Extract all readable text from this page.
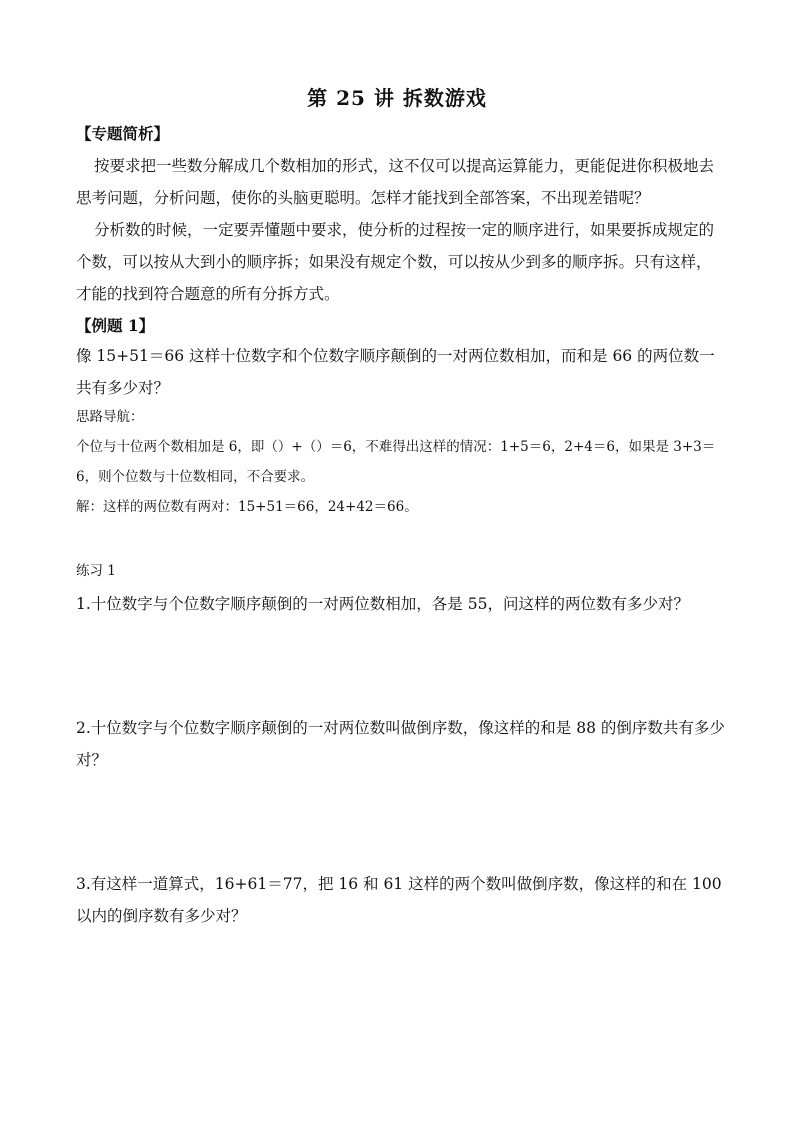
第 25 讲 拆数游戏
【专题简析】

按要求把一些数分解成几个数相加的形式，这不仅可以提高运算能力，更能促进你积极地去思考问题，分析问题，使你的头脑更聪明。怎样才能找到全部答案，不出现差错呢？

分析数的时候，一定要弄懂题中要求，使分析的过程按一定的顺序进行，如果要拆成规定的个数，可以按从大到小的顺序拆；如果没有规定个数，可以按从少到多的顺序拆。只有这样，才能的找到符合题意的所有分拆方式。

【例题 1】

像 15+51＝66 这样十位数字和个位数字顺序颠倒的一对两位数相加，而和是 66 的两位数一共有多少对？

思路导航：

个位与十位两个数相加是 6，即（）+（）＝6，不难得出这样的情况：1+5＝6，2+4＝6，如果是 3+3＝6，则个位数与十位数相同，不合要求。

解：这样的两位数有两对：15+51＝66，24+42＝66。

练习 1

1.十位数字与个位数字顺序颠倒的一对两位数相加，各是 55，问这样的两位数有多少对？

2.十位数字与个位数字顺序颠倒的一对两位数叫做倒序数，像这样的和是 88 的倒序数共有多少对？

3.有这样一道算式，16+61＝77，把 16 和 61 这样的两个数叫做倒序数，像这样的和在 100 以内的倒序数有多少对？
